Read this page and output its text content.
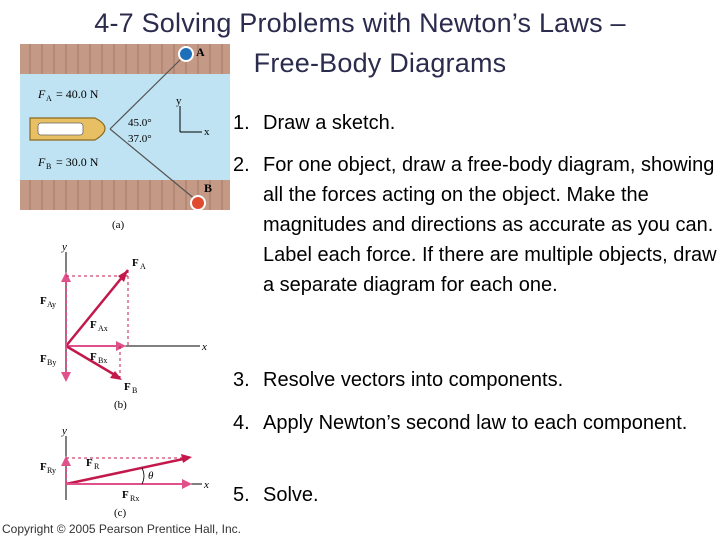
4-7 Solving Problems with Newton’s Laws –
Free-Body Diagrams
y
x
F A = 40.0 N
F B = 30.0 N
45.0°
37.0°
A
B
(a)
y
x
F A
F Ay
F Ax
F By	F Bx
F B
(b)
y
x
F Ry
F R
θ
F Rx
(c)
1. Draw a sketch.
2. For one object, draw a free-body diagram, showing all the forces acting on the object. Make the magnitudes and directions as accurate as you can. Label each force. If there are multiple objects, draw a separate diagram for each one.
3. Resolve vectors into components.
4. Apply Newton’s second law to each component.
5. Solve.
Copyright © 2005 Pearson Prentice Hall, Inc.
